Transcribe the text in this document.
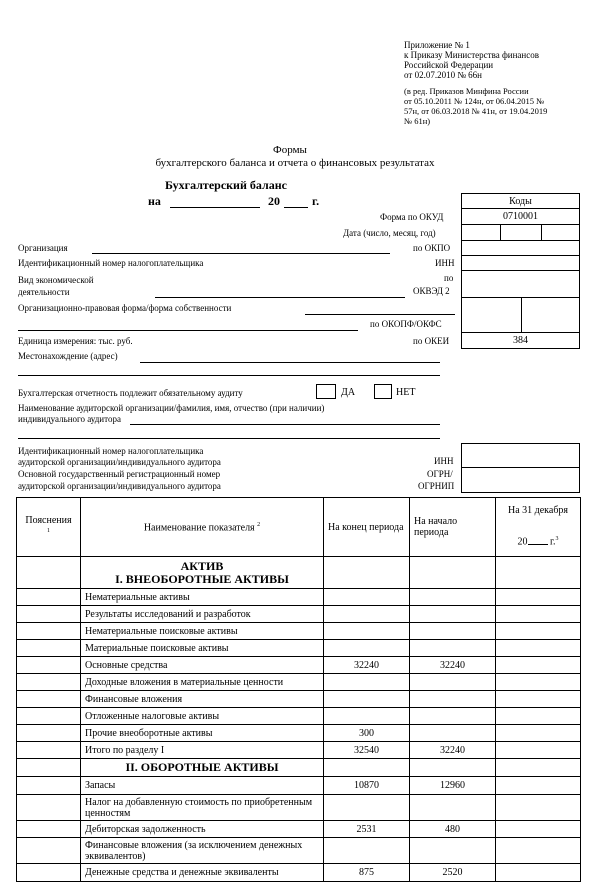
Приложение № 1
к Приказу Министерства финансов
Российской Федерации
от 02.07.2010 № 66н
(в ред. Приказов Минфина России
от 05.10.2011 № 124н, от 06.04.2015 №
57н, от 06.03.2018 № 41н, от 19.04.2019
№ 61н)
Формы
бухгалтерского баланса и отчета о финансовых результатах
Бухгалтерский баланс
на	20	г.	Коды
0710001
384
Форма по ОКУД
Дата (число, месяц, год)
по ОКПО
ИНН
по
ОКВЭД 2
по ОКОПФ/ОКФС
по ОКЕИ
Организация
Идентификационный номер налогоплательщика
Вид экономической
деятельности
Организационно-правовая форма/форма собственности
Единица измерения: тыс. руб.
Местонахождение (адрес)
Бухгалтерская отчетность подлежит обязательному аудиту	ДА	НЕТ
Наименование аудиторской организации/фамилия, имя, отчество (при наличии)
индивидуального аудитора
Идентификационный номер налогоплательщика
аудиторской организации/индивидуального аудитора
Основной государственный регистрационный номер
аудиторской организации/индивидуального аудитора
ИНН
ОГРН/
ОГРНИП
Пояснения
$^1$	Наименование показателя $^2$	На конец периода	На начало периода	На 31 декабря

20 г.$^3$
	АКТИВ
I. ВНЕОБОРОТНЫЕ АКТИВЫ			
	Нематериальные активы			
	Результаты исследований и разработок			
	Нематериальные поисковые активы			
	Материальные поисковые активы			
	Основные средства	32240	32240	
	Доходные вложения в материальные ценности			
	Финансовые вложения			
	Отложенные налоговые активы			
	Прочие внеоборотные активы	300		
	Итого по разделу I	32540	32240	
	II. ОБОРОТНЫЕ АКТИВЫ			
	Запасы	10870	12960	
	Налог на добавленную стоимость по приобретенным ценностям			
	Дебиторская задолженность	2531	480	
	Финансовые вложения (за исключением денежных эквивалентов)			
	Денежные средства и денежные эквиваленты	875	2520	
